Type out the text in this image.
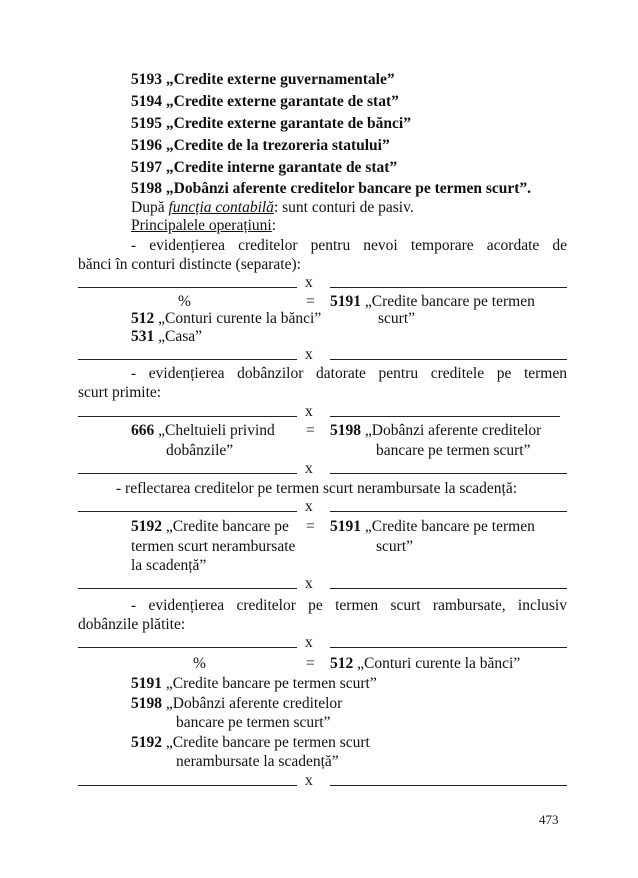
5193 „Credite externe guvernamentale”
5194 „Credite externe garantate de stat”
5195 „Credite externe garantate de bănci”
5196 „Credite de la trezoreria statului”
5197 „Credite interne garantate de stat”
5198 „Dobânzi aferente creditelor bancare pe termen scurt”.
După funcția contabilă: sunt conturi de pasiv.
Principalele operațiuni:
- evidențierea creditelor pentru nevoi temporare acordate de
bănci în conturi distincte (separate):
x
%	= 5191 „Credite bancare pe termen
512 „Conturi curente la bănci”	scurt”
531 „Casa”
x
- evidențierea dobânzilor datorate pentru creditele pe termen
scurt primite:
x
666 „Cheltuieli privind = 5198 „Dobânzi aferente creditelor
dobânzile”	bancare pe termen scurt”
x
- reflectarea creditelor pe termen scurt nerambursate la scadență:
x
5192 „Credite bancare pe = 5191 „Credite bancare pe termen
termen scurt nerambursate	scurt”
la scadență”
x
- evidențierea creditelor pe termen scurt rambursate, inclusiv
dobânzile plătite:
x
%	= 512 „Conturi curente la bănci”
5191 „Credite bancare pe termen scurt”
5198 „Dobânzi aferente creditelor
bancare pe termen scurt”
5192 „Credite bancare pe termen scurt
nerambursate la scadență”
x
473
